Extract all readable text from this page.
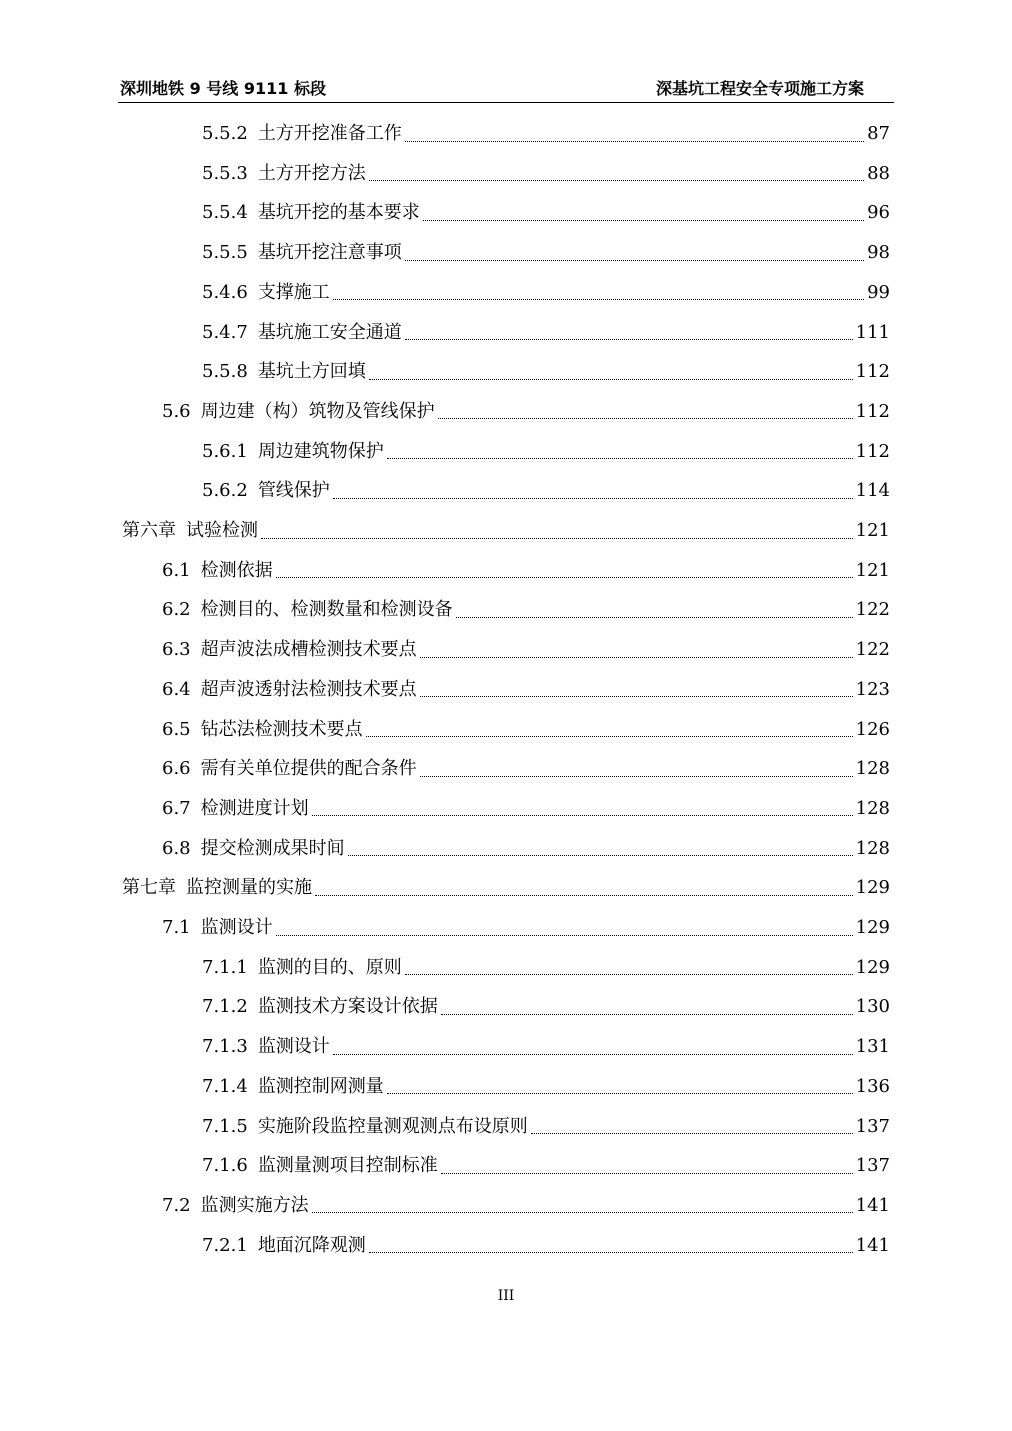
深圳地铁 9 号线 9111 标段	深基坑工程安全专项施工方案
5.5.2 土方开挖准备工作	87
5.5.3 土方开挖方法	88
5.5.4 基坑开挖的基本要求	96
5.5.5 基坑开挖注意事项	98
5.4.6 支撑施工	99
5.4.7 基坑施工安全通道	111
5.5.8 基坑土方回填	112
5.6 周边建（构）筑物及管线保护	112
5.6.1 周边建筑物保护	112
5.6.2 管线保护	114
第六章 试验检测	121
6.1 检测依据	121
6.2 检测目的、检测数量和检测设备	122
6.3 超声波法成槽检测技术要点	122
6.4 超声波透射法检测技术要点	123
6.5 钻芯法检测技术要点	126
6.6 需有关单位提供的配合条件	128
6.7 检测进度计划	128
6.8 提交检测成果时间	128
第七章 监控测量的实施	129
7.1 监测设计	129
7.1.1 监测的目的、原则	129
7.1.2 监测技术方案设计依据	130
7.1.3 监测设计	131
7.1.4 监测控制网测量	136
7.1.5 实施阶段监控量测观测点布设原则	137
7.1.6 监测量测项目控制标准	137
7.2 监测实施方法	141
7.2.1 地面沉降观测	141
III
